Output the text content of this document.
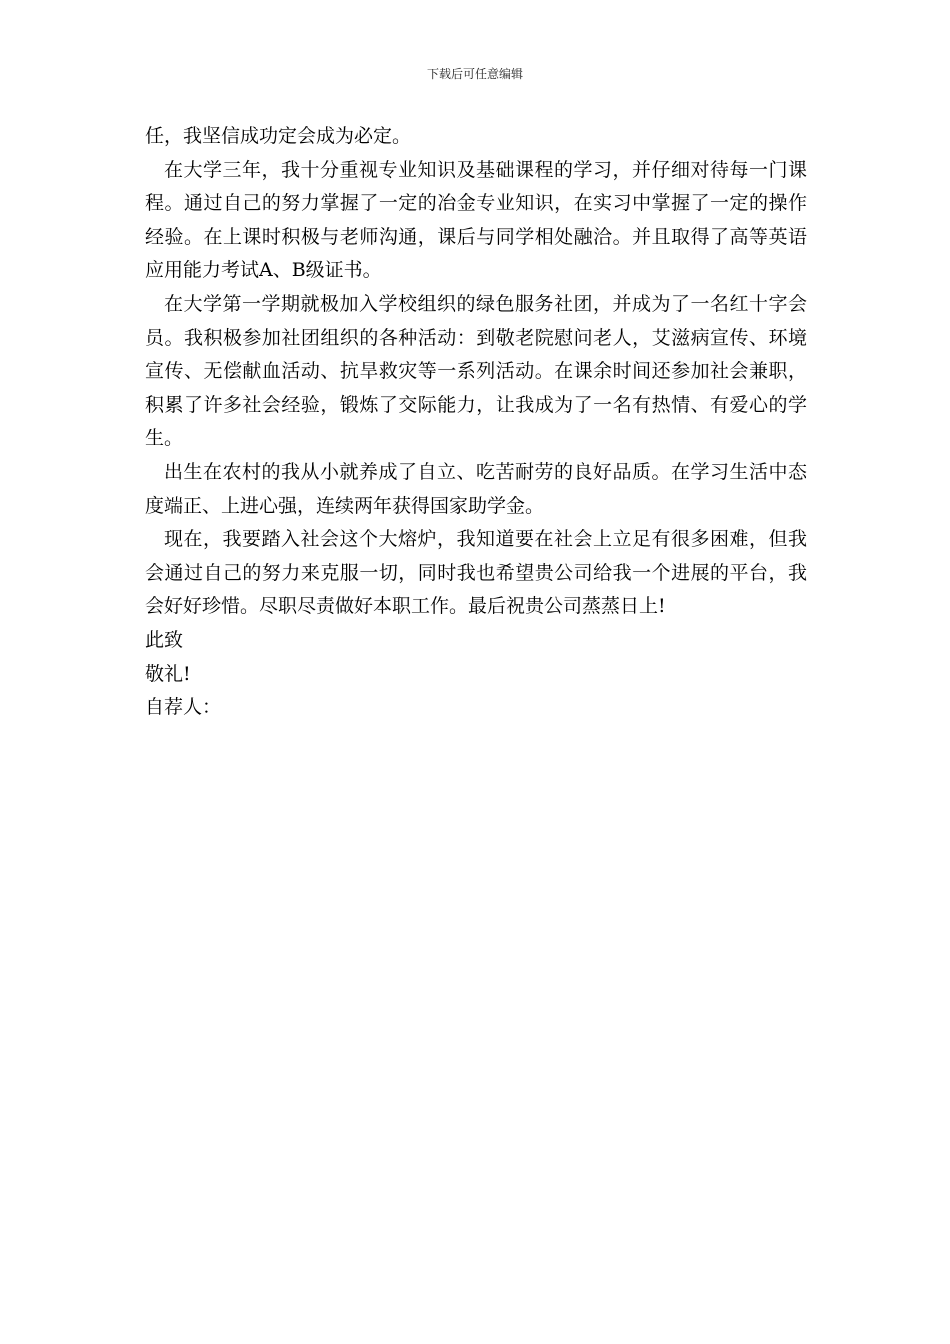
下载后可任意编辑

任，我坚信成功定会成为必定。

在大学三年，我十分重视专业知识及基础课程的学习，并仔细对待每一门课程。通过自己的努力掌握了一定的冶金专业知识，在实习中掌握了一定的操作经验。在上课时积极与老师沟通，课后与同学相处融洽。并且取得了高等英语应用能力考试A、B级证书。

在大学第一学期就极加入学校组织的绿色服务社团，并成为了一名红十字会员。我积极参加社团组织的各种活动：到敬老院慰问老人，艾滋病宣传、环境宣传、无偿献血活动、抗旱救灾等一系列活动。在课余时间还参加社会兼职，积累了许多社会经验，锻炼了交际能力，让我成为了一名有热情、有爱心的学生。

出生在农村的我从小就养成了自立、吃苦耐劳的良好品质。在学习生活中态度端正、上进心强，连续两年获得国家助学金。

现在，我要踏入社会这个大熔炉，我知道要在社会上立足有很多困难，但我会通过自己的努力来克服一切，同时我也希望贵公司给我一个进展的平台，我会好好珍惜。尽职尽责做好本职工作。最后祝贵公司蒸蒸日上!

此致

敬礼!

自荐人：
